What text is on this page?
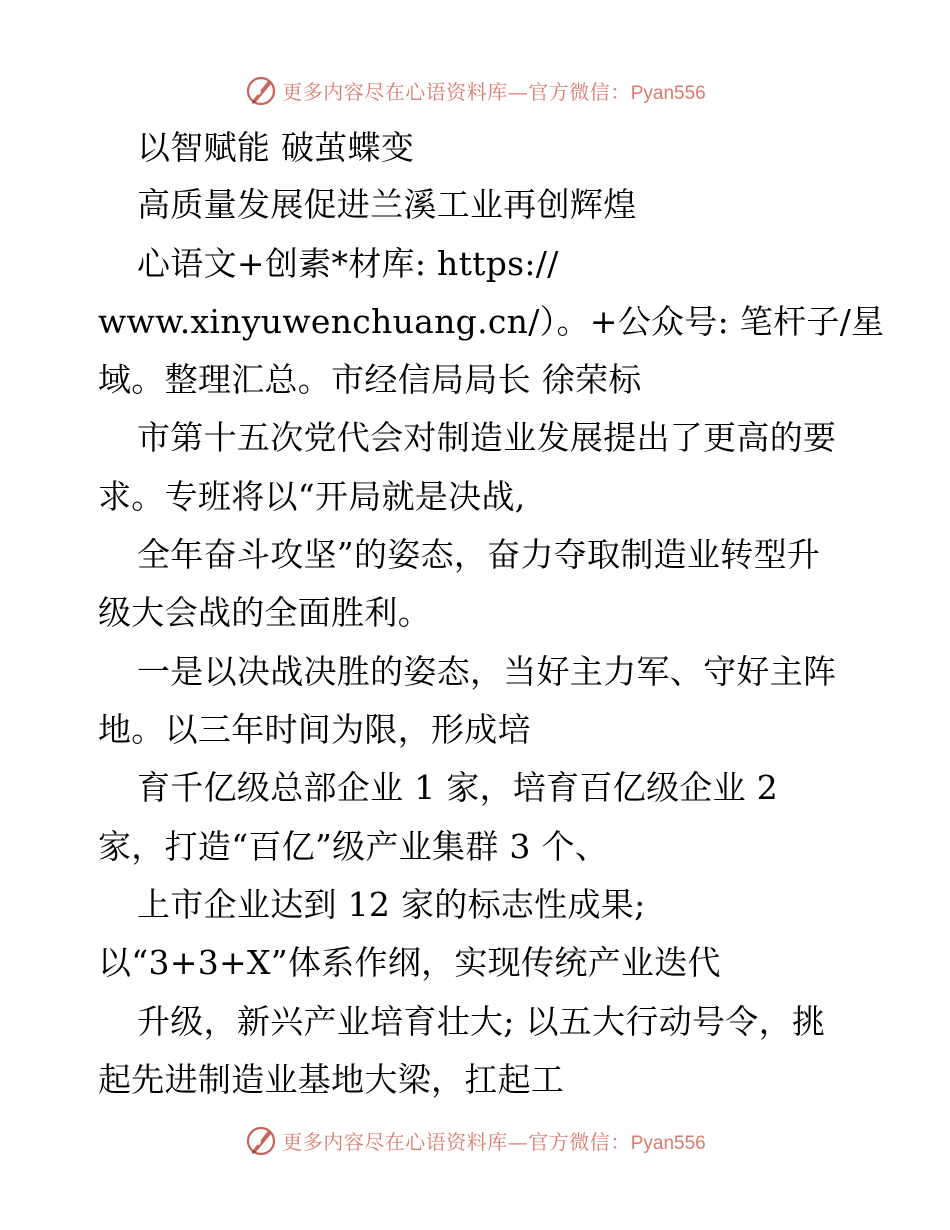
更多内容尽在心语资料库—官方微信：Pyan556
以智赋能 破茧蝶变
高质量发展促进兰溪工业再创辉煌
心语文+创素*材库: https://
www.xinyuwenchuang.cn/）。+公众号: 笔杆子/星
域。整理汇总。市经信局局长 徐荣标
市第十五次党代会对制造业发展提出了更高的要
求。专班将以“开局就是决战,
全年奋斗攻坚”的姿态，奋力夺取制造业转型升
级大会战的全面胜利。
一是以决战决胜的姿态，当好主力军、守好主阵
地。以三年时间为限，形成培
育千亿级总部企业 1 家，培育百亿级企业 2
家，打造“百亿”级产业集群 3 个、
上市企业达到 12 家的标志性成果;
以“3+3+X”体系作纲，实现传统产业迭代
升级，新兴产业培育壮大; 以五大行动号令，挑
起先进制造业基地大梁，扛起工
更多内容尽在心语资料库—官方微信：Pyan556
